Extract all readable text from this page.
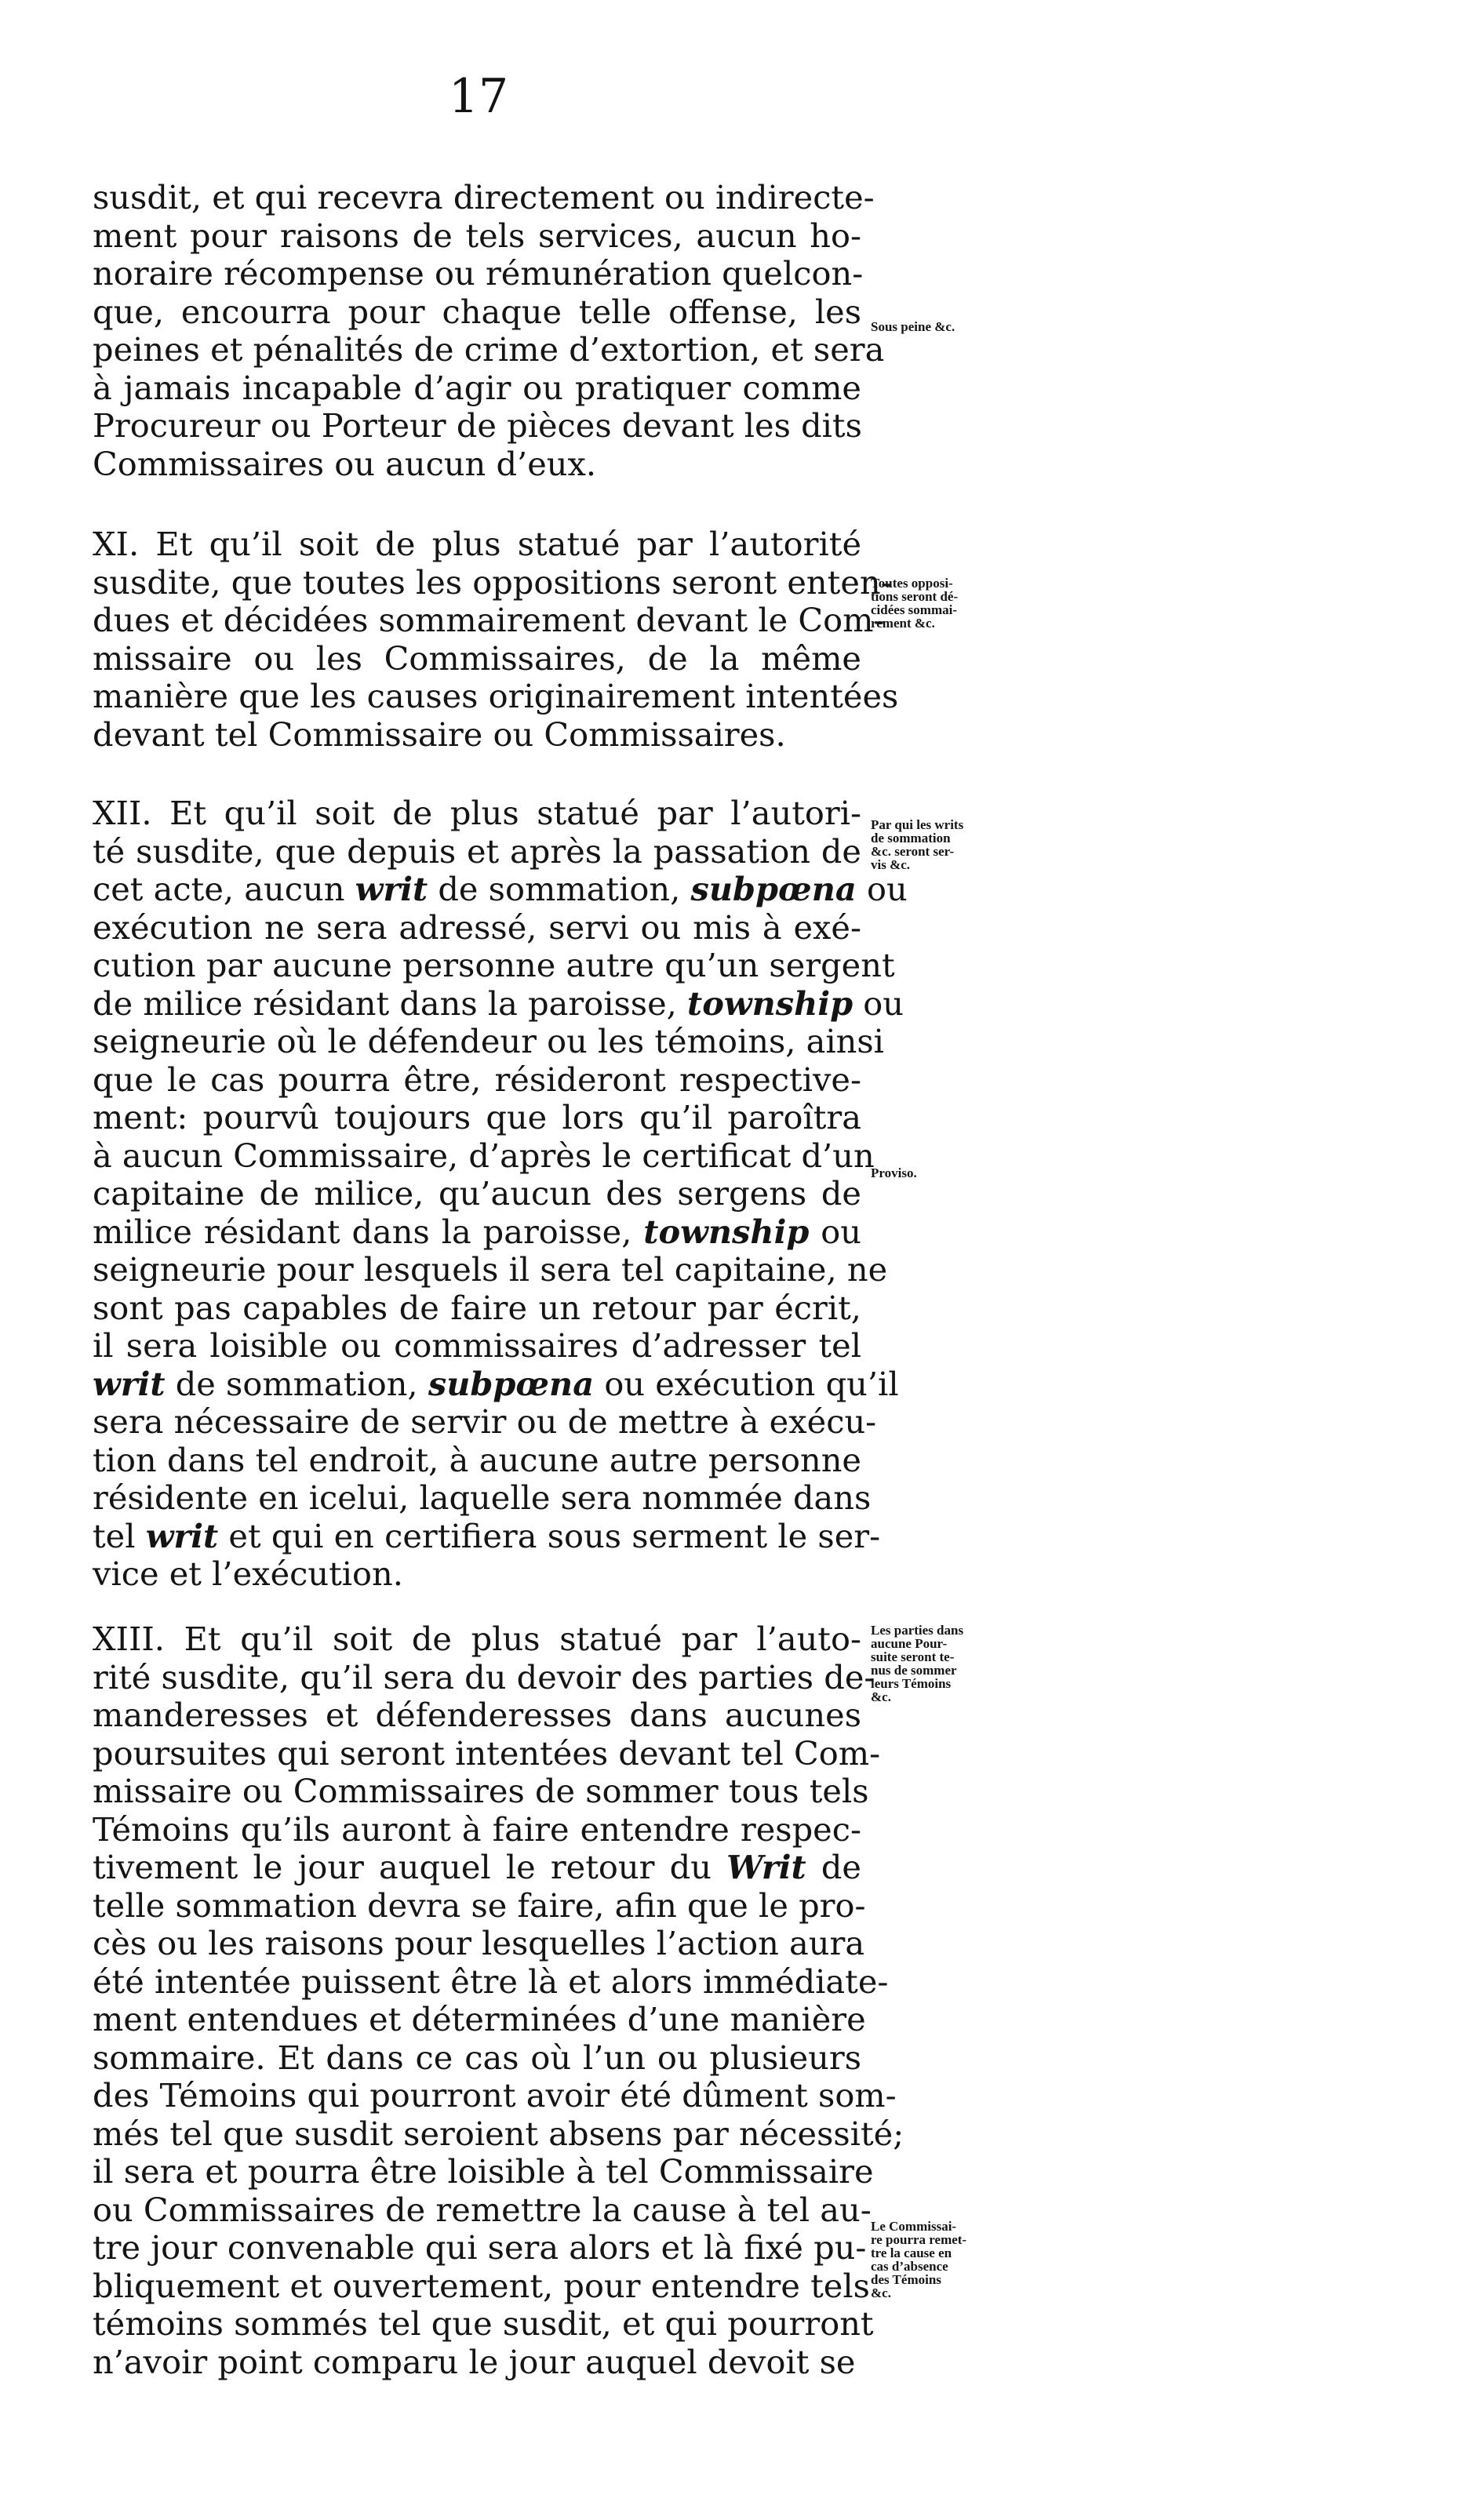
17
susdit, et qui recevra directement ou indirecte-
ment pour raisons de tels services, aucun ho-
noraire récompense ou rémunération quelcon-
que, encourra pour chaque telle offense, les
peines et pénalités de crime d’extortion, et sera
à jamais incapable d’agir ou pratiquer comme
Procureur ou Porteur de pièces devant les dits
Commissaires ou aucun d’eux.
XI. Et qu’il soit de plus statué par l’autorité
susdite, que toutes les oppositions seront enten-
dues et décidées sommairement devant le Com-
missaire ou les Commissaires, de la même
manière que les causes originairement intentées
devant tel Commissaire ou Commissaires.
XII. Et qu’il soit de plus statué par l’autori-
té susdite, que depuis et après la passation de
cet acte, aucun writ de sommation, subpœna ou
exécution ne sera adressé, servi ou mis à exé-
cution par aucune personne autre qu’un sergent
de milice résidant dans la paroisse, township ou
seigneurie où le défendeur ou les témoins, ainsi
que le cas pourra être, résideront respective-
ment: pourvû toujours que lors qu’il paroîtra
à aucun Commissaire, d’après le certificat d’un
capitaine de milice, qu’aucun des sergens de
milice résidant dans la paroisse, township ou
seigneurie pour lesquels il sera tel capitaine, ne
sont pas capables de faire un retour par écrit,
il sera loisible ou commissaires d’adresser tel
writ de sommation, subpœna ou exécution qu’il
sera nécessaire de servir ou de mettre à exécu-
tion dans tel endroit, à aucune autre personne
résidente en icelui, laquelle sera nommée dans
tel writ et qui en certifiera sous serment le ser-
vice et l’exécution.
XIII. Et qu’il soit de plus statué par l’auto-
rité susdite, qu’il sera du devoir des parties de-
manderesses et défenderesses dans aucunes
poursuites qui seront intentées devant tel Com-
missaire ou Commissaires de sommer tous tels
Témoins qu’ils auront à faire entendre respec-
tivement le jour auquel le retour du Writ de
telle sommation devra se faire, afin que le pro-
cès ou les raisons pour lesquelles l’action aura
été intentée puissent être là et alors immédiate-
ment entendues et déterminées d’une manière
sommaire. Et dans ce cas où l’un ou plusieurs
des Témoins qui pourront avoir été dûment som-
més tel que susdit seroient absens par nécessité;
il sera et pourra être loisible à tel Commissaire
ou Commissaires de remettre la cause à tel au-
tre jour convenable qui sera alors et là fixé pu-
bliquement et ouvertement, pour entendre tels
témoins sommés tel que susdit, et qui pourront
n’avoir point comparu le jour auquel devoit se
Sous peine &c.
Toutes opposi-
tions seront dé-
cidées sommai-
rement &c.
Par qui les writs
de sommation
&c. seront ser-
vis &c.
Proviso.
Les parties dans
aucune Pour-
suite seront te-
nus de sommer
leurs Témoins
&c.
Le Commissai-
re pourra remet-
tre la cause en
cas d’absence
des Témoins
&c.
